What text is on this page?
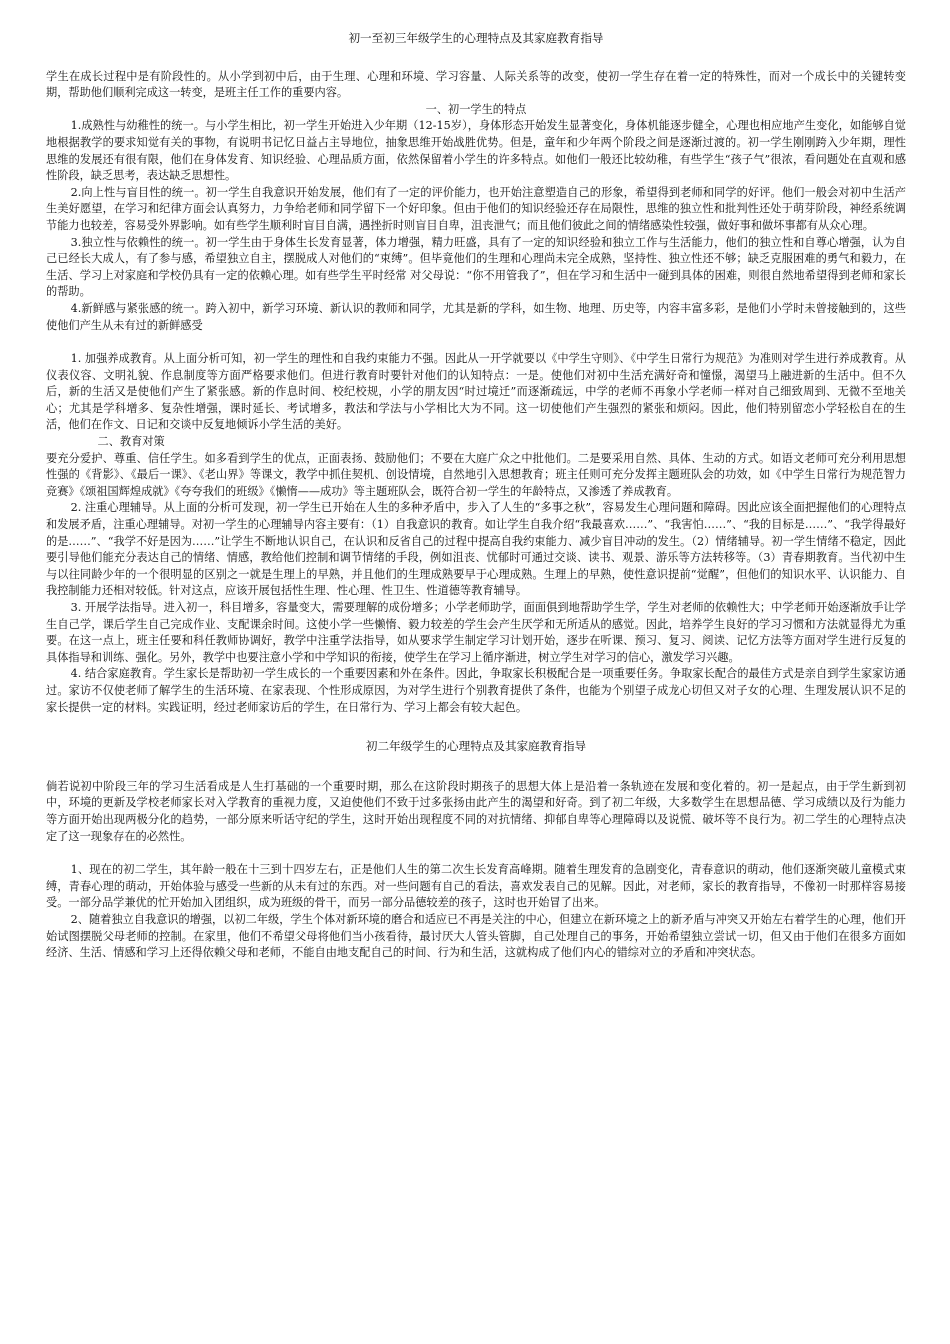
初一至初三年级学生的心理特点及其家庭教育指导

学生在成长过程中是有阶段性的。从小学到初中后，由于生理、心理和环境、学习容量、人际关系等的改变，使初一学生存在着一定的特殊性，而对一个成长中的关键转变期，帮助他们顺利完成这一转变，是班主任工作的重要内容。

一、初一学生的特点

1.成熟性与幼稚性的统一。与小学生相比，初一学生开始进入少年期（12-15岁），身体形态开始发生显著变化，身体机能逐步健全，心理也相应地产生变化，如能够自觉地根据教学的要求知觉有关的事物，有说明书记忆日益占主导地位，抽象思维开始战胜优势。但是，童年和少年两个阶段之间是逐渐过渡的。初一学生刚刚跨入少年期，理性思维的发展还有很有限，他们在身体发育、知识经验、心理品质方面，依然保留着小学生的许多特点。如他们一般还比较幼稚，有些学生“孩子气”很浓，看问题处在直观和感性阶段，缺乏思考，表达缺乏思想性。

2.向上性与盲目性的统一。初一学生自我意识开始发展，他们有了一定的评价能力，也开始注意塑造自己的形象，希望得到老师和同学的好评。他们一般会对初中生活产生美好愿望，在学习和纪律方面会认真努力，力争给老师和同学留下一个好印象。但由于他们的知识经验还存在局限性，思维的独立性和批判性还处于萌芽阶段，神经系统调节能力也较差，容易受外界影响。如有些学生顺利时盲目自满，遇挫折时则盲目自卑，沮丧泄气；而且他们彼此之间的情绪感染性较强，做好事和做坏事都有从众心理。

3.独立性与依赖性的统一。初一学生由于身体生长发育显著，体力增强，精力旺盛，具有了一定的知识经验和独立工作与生活能力，他们的独立性和自尊心增强，认为自己已经长大成人，有了参与感，希望独立自主，摆脱成人对他们的“束缚”。但毕竟他们的生理和心理尚未完全成熟，坚持性、独立性还不够；缺乏克服困难的勇气和毅力，在生活、学习上对家庭和学校仍具有一定的依赖心理。如有些学生平时经常 对父母说：“你不用管我了”，但在学习和生活中一碰到具体的困难，则很自然地希望得到老师和家长的帮助。

4.新鲜感与紧张感的统一。跨入初中，新学习环境、新认识的教师和同学，尤其是新的学科，如生物、地理、历史等，内容丰富多彩，是他们小学时未曾接触到的，这些使他们产生从未有过的新鲜感受

1. 加强养成教育。从上面分析可知，初一学生的理性和自我约束能力不强。因此从一开学就要以《中学生守则》、《中学生日常行为规范》为准则对学生进行养成教育。从仪表仪容、文明礼貌、作息制度等方面严格要求他们。但进行教育时要针对他们的认知特点：一是。使他们对初中生活充满好奇和憧憬，渴望马上融进新的生活中。但不久后，新的生活又是使他们产生了紧张感。新的作息时间、校纪校规，小学的朋友因“时过境迁”而逐渐疏远，中学的老师不再象小学老师一样对自己细致周到、无微不至地关心；尤其是学科增多、复杂性增强，课时延长、考试增多，教法和学法与小学相比大为不同。这一切使他们产生强烈的紧张和烦闷。因此，他们特别留恋小学轻松自在的生活，他们在作文、日记和交谈中反复地倾诉小学生活的美好。

二、教育对策

要充分爱护、尊重、信任学生。如多看到学生的优点，正面表扬、鼓励他们；不要在大庭广众之中批他们。二是要采用自然、具体、生动的方式。如语文老师可充分利用思想性强的《背影》、《最后一课》、《老山界》等课文，教学中抓住契机、创设情境，自然地引入思想教育；班主任则可充分发挥主题班队会的功效，如《中学生日常行为规范智力竞赛》《颂祖国辉煌成就》《夸夸我们的班级》《懒惰——成功》等主题班队会，既符合初一学生的年龄特点，又渗透了养成教育。

2. 注重心理辅导。从上面的分析可发现，初一学生已开始在人生的多种矛盾中，步入了人生的“多事之秋”，容易发生心理问题和障碍。因此应该全面把握他们的心理特点和发展矛盾，注重心理辅导。对初一学生的心理辅导内容主要有：（1）自我意识的教育。如让学生自我介绍“我最喜欢……”、“我害怕……”、“我的目标是……”、“我学得最好的是……”、“我学不好是因为……”让学生不断地认识自己，在认识和反省自己的过程中提高自我约束能力、减少盲目冲动的发生。（2）情绪辅导。初一学生情绪不稳定，因此要引导他们能充分表达自己的情绪、情感，教给他们控制和调节情绪的手段，例如沮丧、忧郁时可通过交谈、读书、观景、游乐等方法转移等。（3）青春期教育。当代初中生与以往同龄少年的一个很明显的区别之一就是生理上的早熟，并且他们的生理成熟要早于心理成熟。生理上的早熟，使性意识提前“觉醒”，但他们的知识水平、认识能力、自我控制能力还相对较低。针对这点，应该开展包括性生理、性心理、性卫生、性道德等教育辅导。

3. 开展学法指导。进入初一，科目增多，容量变大，需要理解的成份增多；小学老师助学，面面俱到地帮助学生学，学生对老师的依赖性大；中学老师开始逐渐放手让学生自己学，课后学生自己完成作业、支配课余时间。这使小学一些懒惰、毅力较差的学生会产生厌学和无所适从的感觉。因此，培养学生良好的学习习惯和方法就显得尤为重要。在这一点上，班主任要和科任教师协调好，教学中注重学法指导，如从要求学生制定学习计划开始，逐步在听课、预习、复习、阅读、记忆方法等方面对学生进行反复的具体指导和训练、强化。另外，教学中也要注意小学和中学知识的衔接，使学生在学习上循序渐进，树立学生对学习的信心，激发学习兴趣。

4. 结合家庭教育。学生家长是帮助初一学生成长的一个重要因素和外在条件。因此，争取家长积极配合是一项重要任务。争取家长配合的最佳方式是亲自到学生家家访通过。家访不仅使老师了解学生的生活环境、在家表现、个性形成原因，为对学生进行个别教育提供了条件，也能为个别望子成龙心切但又对子女的心理、生理发展认识不足的家长提供一定的材料。实践证明，经过老师家访后的学生，在日常行为、学习上都会有较大起色。

初二年级学生的心理特点及其家庭教育指导

倘若说初中阶段三年的学习生活看成是人生打基础的一个重要时期，那么在这阶段时期孩子的思想大体上是沿着一条轨迹在发展和变化着的。初一是起点，由于学生新到初中，环境的更新及学校老师家长对入学教育的重视力度，又迫使他们不致于过多张扬由此产生的渴望和好奇。到了初二年级，大多数学生在思想品德、学习成绩以及行为能力等方面开始出现两极分化的趋势，一部分原来听话守纪的学生，这时开始出现程度不同的对抗情绪、抑郁自卑等心理障碍以及说慌、破坏等不良行为。初二学生的心理特点决定了这一现象存在的必然性。

1、现在的初二学生，其年龄一般在十三到十四岁左右，正是他们人生的第二次生长发育高峰期。随着生理发育的急剧变化，青春意识的萌动，他们逐渐突破儿童模式束缚，青春心理的萌动，开始体验与感受一些新的从未有过的东西。对一些问题有自己的看法，喜欢发表自己的见解。因此，对老师，家长的教育指导，不像初一时那样容易接受。一部分品学兼优的忙开始加入团组织，成为班级的骨干，而另一部分品德较差的孩子，这时也开始冒了出来。

2、随着独立自我意识的增强，以初二年级，学生个体对新环境的磨合和适应已不再是关注的中心，但建立在新环境之上的新矛盾与冲突又开始左右着学生的心理，他们开始试图摆脱父母老师的控制。在家里，他们不希望父母将他们当小孩看待，最讨厌大人管头管脚，自己处理自己的事务，开始希望独立尝试一切，但又由于他们在很多方面如经济、生活、情感和学习上还得依赖父母和老师，不能自由地支配自己的时间、行为和生活，这就构成了他们内心的错综对立的矛盾和冲突状态。
